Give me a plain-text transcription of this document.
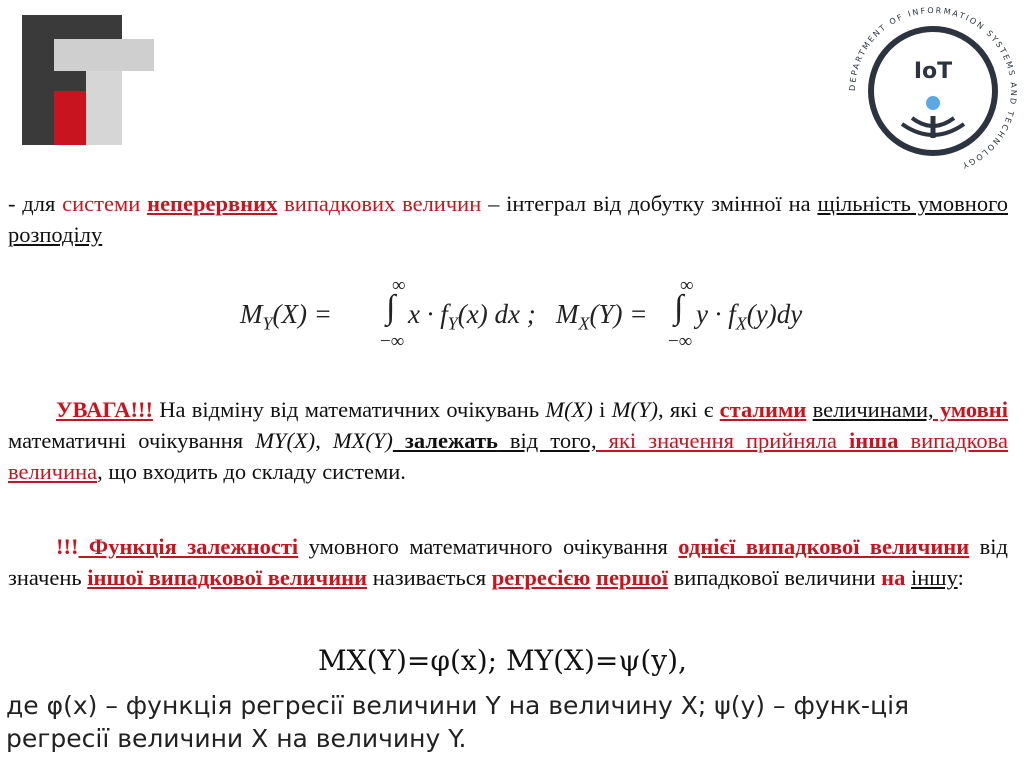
DEPARTMENT OF INFORMATION SYSTEMS AND TECHNOLOGY
IoT
- для системи неперервних випадкових величин – інтеграл від добутку змінної на щільність умовного розподілу
$M_Y(X)$ =
∞
∫
−∞
$x \cdot f_Y(x)$ dx ; $M_X(Y)$ =
∞
∫
−∞
$y \cdot f_X(y)dy$
УВАГА!!! На відміну від математичних очікувань M(X) і M(Y), які є сталими величинами, умовні математичні очікування MY(X), MX(Y) залежать від того, які значення прийняла інша випадкова величина, що входить до складу системи.
!!! Функція залежності умовного математичного очікування однієї випадкової величини від значень іншої випадкової величини називається регресією першої випадкової величини на іншу:
MX(Y)=φ(x); MY(X)=ψ(y),
де φ(x) – функція регресії величини Y на величину X; ψ(y) – функ-ція регресії величини X на величину Y.
